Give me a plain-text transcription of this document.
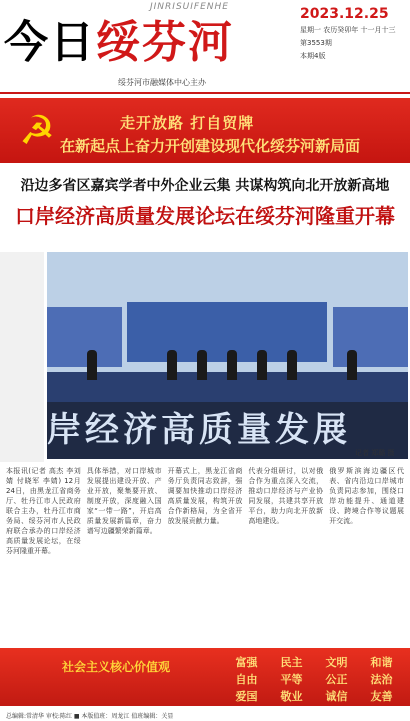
JINRISUIFENHE
今日绥芬河
绥芬河市融媒体中心主办
2023.12.25
星期一 农历癸卯年 十一月十三
第3553期
本期4版
☭	走开放路 打自贸牌
在新起点上奋力开创建设现代化绥芬河新局面
沿边多省区嘉宾学者中外企业云集 共谋构筑向北开放新高地
口岸经济高质量发展论坛在绥芬河隆重开幕
岸经济高质量发展
记者 郑璐 摄
本报讯(记者 高杰 李刘婧 付晓军 李婧) 12月24日，由黑龙江省商务厅、牡丹江市人民政府联合主办，牡丹江市商务局、绥芬河市人民政府联合承办的口岸经济高质量发展论坛，在绥芬河隆重开幕。
具体举措，对口岸城市发展提出建设开放、产业开放，聚集要开放、制度开放，深度融入国家“一带一路”，开启高质量发展新篇章，奋力谱写边疆繁荣新篇章。
开幕式上，黑龙江省商务厅负责同志致辞，强调要加快推动口岸经济高质量发展，构筑开放合作新格局，为全省开放发展贡献力量。
代表分组研讨，以对俄合作为重点深入交流，推动口岸经济与产业协同发展，共建共享开放平台，助力向北开放新高地建设。
俄罗斯滨海边疆区代表、省内沿边口岸城市负责同志参加，围绕口岸功能提升、通道建设、跨境合作等议题展开交流。
社会主义核心价值观	富强	民主	文明	和谐
自由	平等	公正	法治
爱国	敬业	诚信	友善
总编辑:常清华 审校:陈红 ■ 本版值班：周龙江 值班编辑：关显
